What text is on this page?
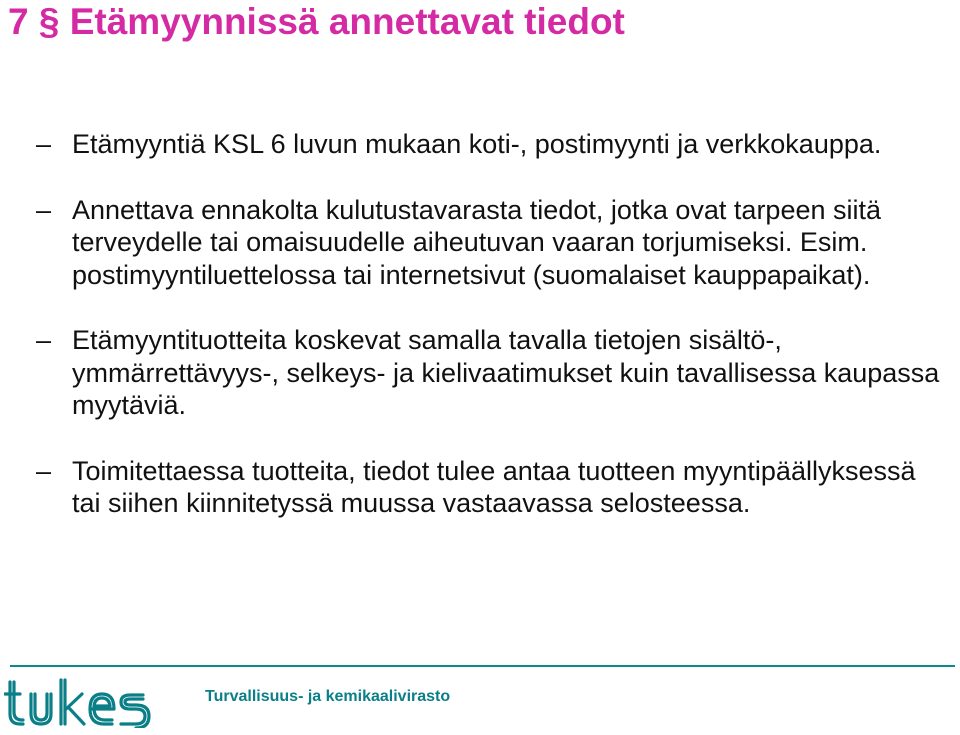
7 § Etämyynnissä annettavat tiedot
– Etämyyntiä KSL 6 luvun mukaan koti-, postimyynti ja verkkokauppa.
– Annettava ennakolta kulutustavarasta tiedot, jotka ovat tarpeen siitä terveydelle tai omaisuudelle aiheutuvan vaaran torjumiseksi. Esim. postimyyntiluettelossa tai internetsivut (suomalaiset kauppapaikat).
– Etämyyntituotteita koskevat samalla tavalla tietojen sisältö-, ymmärrettävyys-, selkeys- ja kielivaatimukset kuin tavallisessa kaupassa myytäviä.
– Toimitettaessa tuotteita, tiedot tulee antaa tuotteen myyntipäällyksessä tai siihen kiinnitetyssä muussa vastaavassa selosteessa.
Turvallisuus- ja kemikaalivirasto
